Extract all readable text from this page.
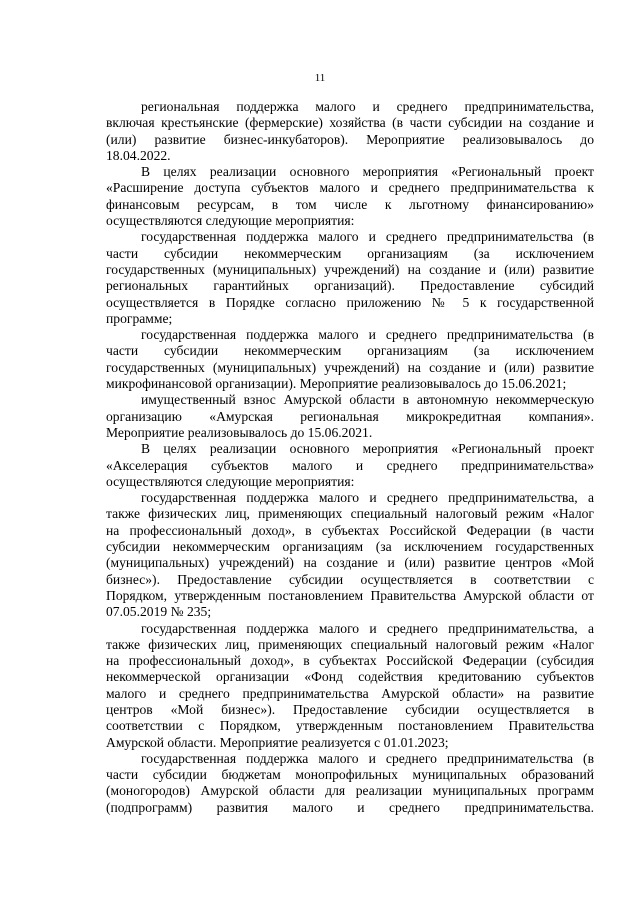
11
региональная поддержка малого и среднего предпринимательства,
включая крестьянские (фермерские) хозяйства (в части субсидии на создание и
(или) развитие бизнес-инкубаторов). Мероприятие реализовывалось до
18.04.2022.
В целях реализации основного мероприятия «Региональный проект
«Расширение доступа субъектов малого и среднего предпринимательства к
финансовым ресурсам, в том числе к льготному финансированию»
осуществляются следующие мероприятия:
государственная поддержка малого и среднего предпринимательства (в
части субсидии некоммерческим организациям (за исключением
государственных (муниципальных) учреждений) на создание и (или) развитие
региональных гарантийных организаций). Предоставление субсидий
осуществляется в Порядке согласно приложению № 5 к государственной
программе;
государственная поддержка малого и среднего предпринимательства (в
части субсидии некоммерческим организациям (за исключением
государственных (муниципальных) учреждений) на создание и (или) развитие
микрофинансовой организации). Мероприятие реализовывалось до 15.06.2021;
имущественный взнос Амурской области в автономную некоммерческую
организацию «Амурская региональная микрокредитная компания».
Мероприятие реализовывалось до 15.06.2021.
В целях реализации основного мероприятия «Региональный проект
«Акселерация субъектов малого и среднего предпринимательства»
осуществляются следующие мероприятия:
государственная поддержка малого и среднего предпринимательства, а
также физических лиц, применяющих специальный налоговый режим «Налог
на профессиональный доход», в субъектах Российской Федерации (в части
субсидии некоммерческим организациям (за исключением государственных
(муниципальных) учреждений) на создание и (или) развитие центров «Мой
бизнес»). Предоставление субсидии осуществляется в соответствии с
Порядком, утвержденным постановлением Правительства Амурской области от
07.05.2019 № 235;
государственная поддержка малого и среднего предпринимательства, а
также физических лиц, применяющих специальный налоговый режим «Налог
на профессиональный доход», в субъектах Российской Федерации (субсидия
некоммерческой организации «Фонд содействия кредитованию субъектов
малого и среднего предпринимательства Амурской области» на развитие
центров «Мой бизнес»). Предоставление субсидии осуществляется в
соответствии с Порядком, утвержденным постановлением Правительства
Амурской области. Мероприятие реализуется с 01.01.2023;
государственная поддержка малого и среднего предпринимательства (в
части субсидии бюджетам монопрофильных муниципальных образований
(моногородов) Амурской области для реализации муниципальных программ
(подпрограмм) развития малого и среднего предпринимательства.
